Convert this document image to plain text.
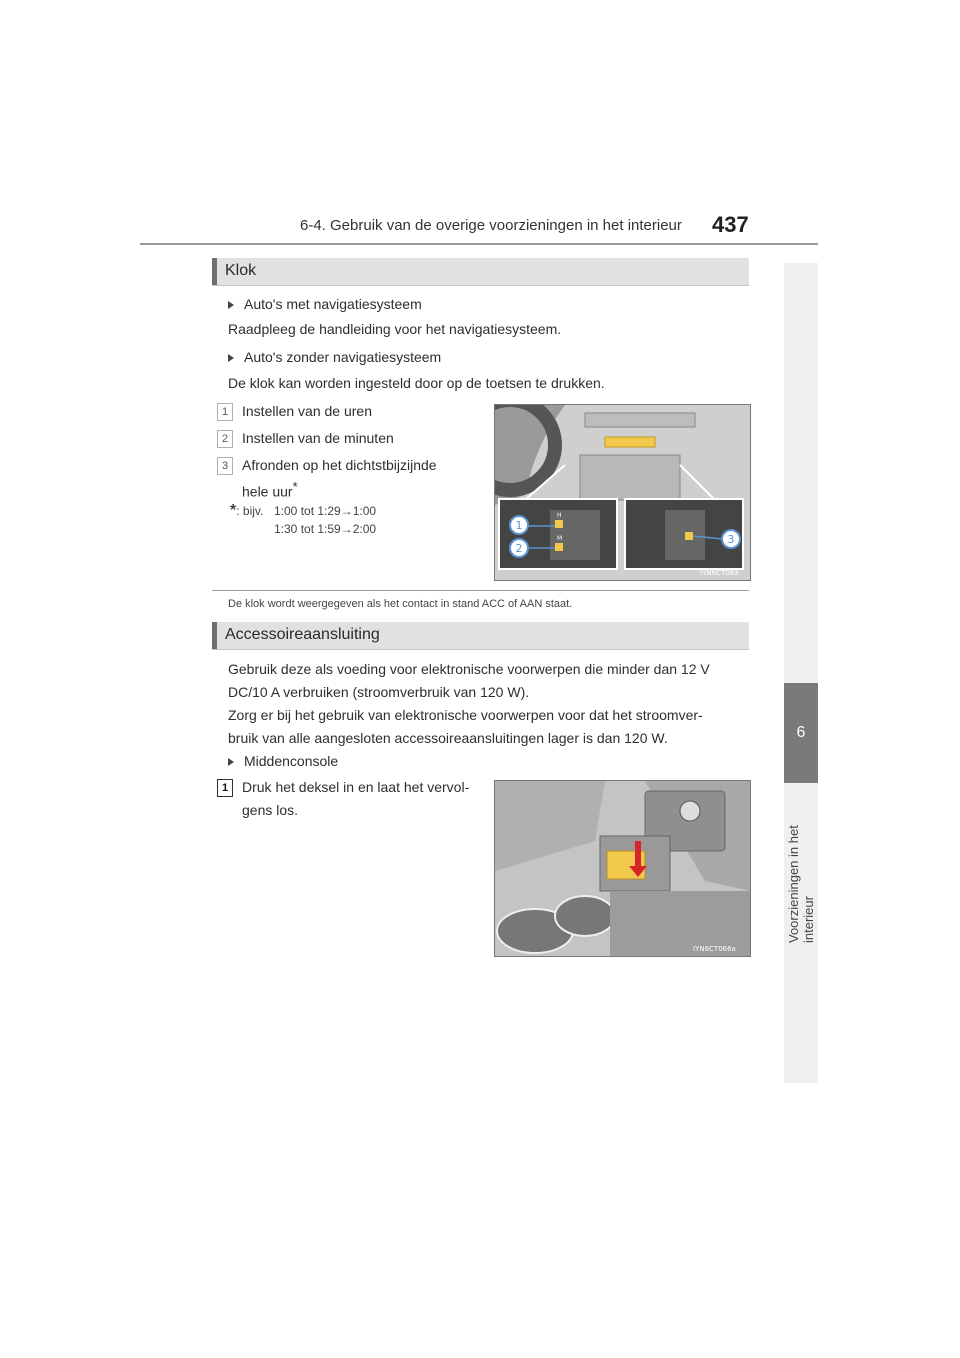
6-4. Gebruik van de overige voorzieningen in het interieur 437
6
Voorzieningen in het interieur
Klok
Auto's met navigatiesysteem
Raadpleeg de handleiding voor het navigatiesysteem.
Auto's zonder navigatiesysteem
De klok kan worden ingesteld door op de toetsen te drukken.
1 Instellen van de uren
2 Instellen van de minuten
3 Afronden op het dichtstbijzijnde
hele uur*
*: bijv. 1:00 tot 1:29→1:00
1:30 tot 1:59→2:00	1
2
3
H
M
IYN6CT063
De klok wordt weergegeven als het contact in stand ACC of AAN staat.
Accessoireaansluiting
Gebruik deze als voeding voor elektronische voorwerpen die minder dan 12 V
DC/10 A verbruiken (stroomverbruik van 120 W).
Zorg er bij het gebruik van elektronische voorwerpen voor dat het stroomver-
bruik van alle aangesloten accessoireaansluitingen lager is dan 120 W.
Middenconsole
1 Druk het deksel in en laat het vervol-
gens los.
IYN6CT066a
